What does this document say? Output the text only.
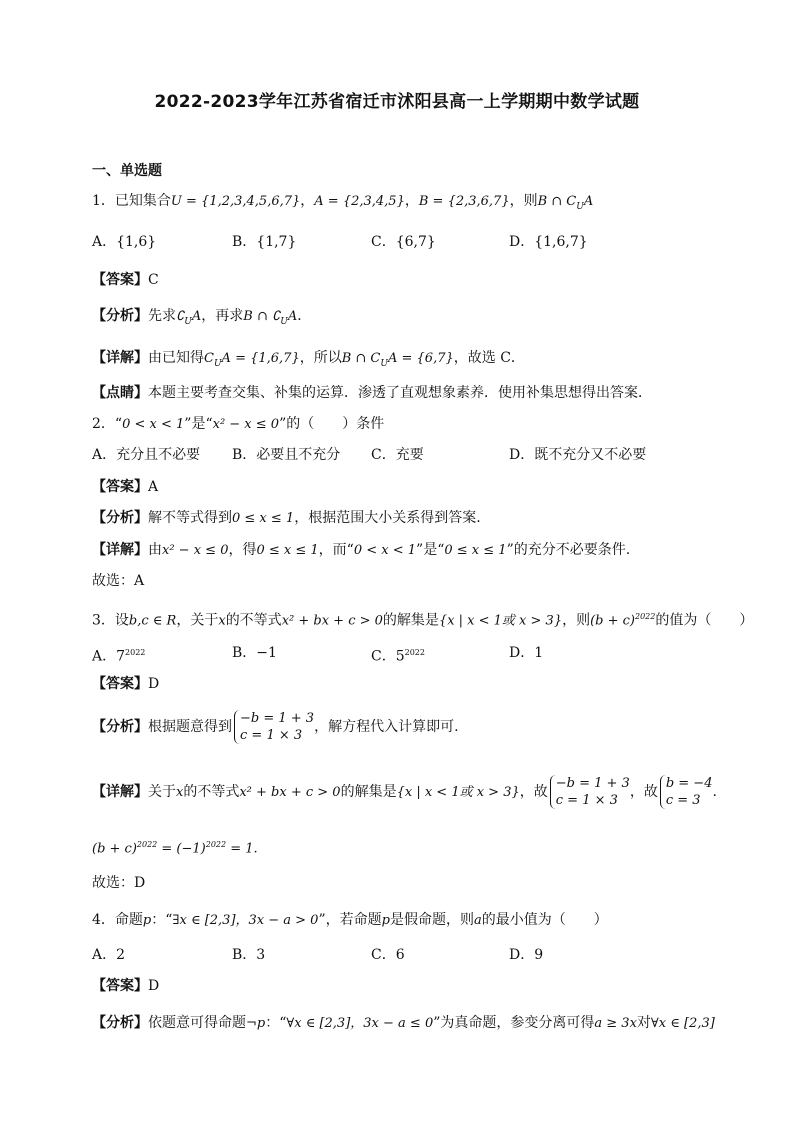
2022-2023学年江苏省宿迁市沭阳县高一上学期期中数学试题
一、单选题
1．已知集合U = {1,2,3,4,5,6,7}，A = {2,3,4,5}，B = {2,3,6,7}，则B ∩ $C_UA$
A．{1,6}	B．{1,7}	C．{6,7}	D．{1,6,7}
【答案】C
【分析】先求$∁_UA$，再求B ∩ $∁_UA$．
【详解】由已知得$C_UA = \{1,6,7\}$，所以B ∩ $C_UA = \{6,7\}$，故选 C．
【点睛】本题主要考查交集、补集的运算．渗透了直观想象素养．使用补集思想得出答案．
2．“0 < x < 1”是“x² − x ≤ 0”的（　　）条件
A．充分且不必要 B．必要且不充分 C．充要	D．既不充分又不必要
【答案】A
【分析】解不等式得到0 ≤ x ≤ 1，根据范围大小关系得到答案.
【详解】由x² − x ≤ 0，得0 ≤ x ≤ 1，而“0 < x < 1”是“0 ≤ x ≤ 1”的充分不必要条件.
故选：A
3．设b,c ∈ R，关于x的不等式x² + bx + c > 0的解集是{x | x < 1或 x > 3}，则$(b + c)^{2022}$的值为（　　）
A．$7^{2022}$	B．−1	C．$5^{2022}$	D．1
【答案】D
【分析】根据题意得到
−b = 1 + 3
c = 1 × 3
，解方程代入计算即可.
【详解】关于x的不等式x² + bx + c > 0的解集是{x | x < 1或 x > 3}，故
−b = 1 + 3
c = 1 × 3
，故
b = −4
c = 3
.
$(b + c)^{2022} = (-1)^{2022} = 1$.
故选：D
4．命题p：“∃x ∈ [2,3]，3x − a > 0”，若命题p是假命题，则a的最小值为（　　）
A．2	B．3	C．6	D．9
【答案】D
【分析】依题意可得命题¬p：“∀x ∈ [2,3]，3x − a ≤ 0”为真命题，参变分离可得a ≥ 3x对∀x ∈ [2,3]
